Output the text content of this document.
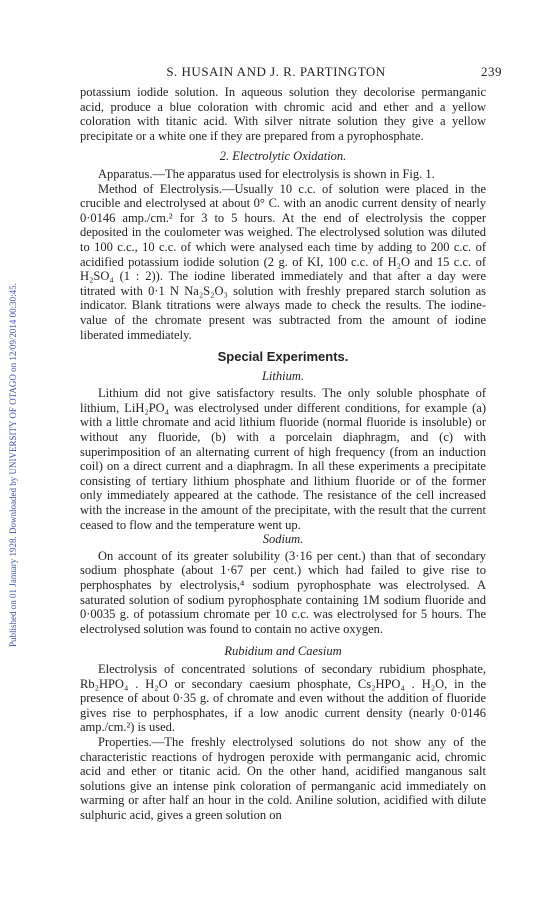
Published on 01 January 1928. Downloaded by UNIVERSITY OF OTAGO on 12/09/2014 00:30:45.
S. HUSAIN AND J. R. PARTINGTON	239

potassium iodide solution. In aqueous solution they decolorise permanganic acid, produce a blue coloration with chromic acid and ether and a yellow coloration with titanic acid. With silver nitrate solution they give a yellow precipitate or a white one if they are prepared from a pyrophosphate.

2. Electrolytic Oxidation.

Apparatus.—The apparatus used for electrolysis is shown in Fig. 1.

Method of Electrolysis.—Usually 10 c.c. of solution were placed in the crucible and electrolysed at about 0° C. with an anodic current density of nearly 0·0146 amp./cm.² for 3 to 5 hours. At the end of electrolysis the copper deposited in the coulometer was weighed. The electrolysed solution was diluted to 100 c.c., 10 c.c. of which were analysed each time by adding to 200 c.c. of acidified potassium iodide solution (2 g. of KI, 100 c.c. of H₂O and 15 c.c. of H₂SO₄ (1 : 2)). The iodine liberated immediately and that after a day were titrated with 0·1 N Na₂S₂O₃ solution with freshly prepared starch solution as indicator. Blank titrations were always made to check the results. The iodine-value of the chromate present was subtracted from the amount of iodine liberated immediately.

Special Experiments.

Lithium.

Lithium did not give satisfactory results. The only soluble phosphate of lithium, LiH₂PO₄ was electrolysed under different conditions, for example (a) with a little chromate and acid lithium fluoride (normal fluoride is insoluble) or without any fluoride, (b) with a porcelain diaphragm, and (c) with superimposition of an alternating current of high frequency (from an induction coil) on a direct current and a diaphragm. In all these experiments a precipitate consisting of tertiary lithium phosphate and lithium fluoride or of the former only immediately appeared at the cathode. The resistance of the cell increased with the increase in the amount of the precipitate, with the result that the current ceased to flow and the temperature went up.

Sodium.

On account of its greater solubility (3·16 per cent.) than that of secondary sodium phosphate (about 1·67 per cent.) which had failed to give rise to perphosphates by electrolysis,⁴ sodium pyrophosphate was electrolysed. A saturated solution of sodium pyrophosphate containing 1M sodium fluoride and 0·0035 g. of potassium chromate per 10 c.c. was electrolysed for 5 hours. The electrolysed solution was found to contain no active oxygen.

Rubidium and Caesium

Electrolysis of concentrated solutions of secondary rubidium phosphate, Rb₂HPO₄ . H₂O or secondary caesium phosphate, Cs₂HPO₄ . H₂O, in the presence of about 0·35 g. of chromate and even without the addition of fluoride gives rise to perphosphates, if a low anodic current density (nearly 0·0146 amp./cm.²) is used.

Properties.—The freshly electrolysed solutions do not show any of the characteristic reactions of hydrogen peroxide with permanganic acid, chromic acid and ether or titanic acid. On the other hand, acidified manganous salt solutions give an intense pink coloration of permanganic acid immediately on warming or after half an hour in the cold. Aniline solution, acidified with dilute sulphuric acid, gives a green solution on
